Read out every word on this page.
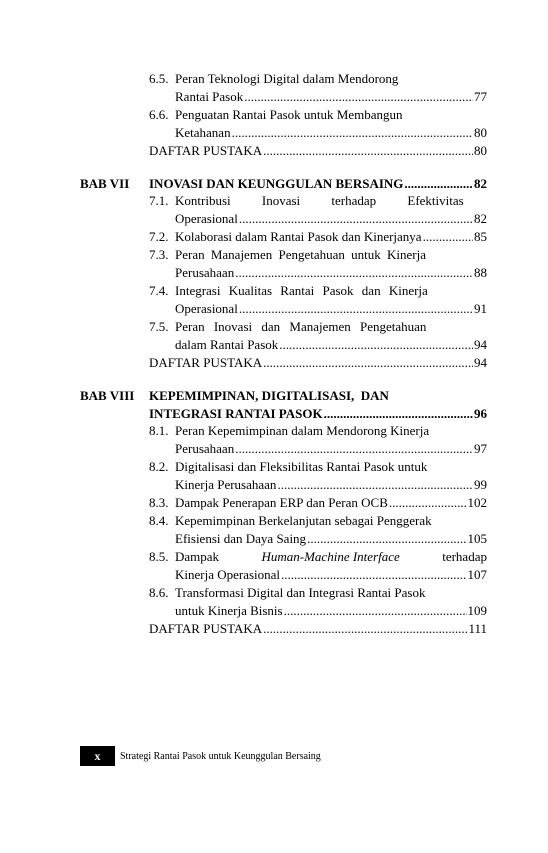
6.5. Peran Teknologi Digital dalam Mendorong
Rantai Pasok .....	77
6.6. Penguatan Rantai Pasok untuk Membangun
Ketahanan .....	80
DAFTAR PUSTAKA .....	80
BAB VII INOVASI DAN KEUNGGULAN BERSAING .....	82
7.1. Kontribusi Inovasi terhadap Efektivitas
Operasional .....	82
7.2. Kolaborasi dalam Rantai Pasok dan Kinerjanya .....	85
7.3. Peran Manajemen Pengetahuan untuk Kinerja
Perusahaan .....	88
7.4. Integrasi Kualitas Rantai Pasok dan Kinerja
Operasional .....	91
7.5. Peran Inovasi dan Manajemen Pengetahuan
dalam Rantai Pasok .....	94
DAFTAR PUSTAKA .....	94
BAB VIII KEPEMIMPINAN, DIGITALISASI,  DAN
INTEGRASI RANTAI PASOK .....	96
8.1. Peran Kepemimpinan dalam Mendorong Kinerja
Perusahaan .....	97
8.2. Digitalisasi dan Fleksibilitas Rantai Pasok untuk
Kinerja Perusahaan .....	99
8.3. Dampak Penerapan ERP dan Peran OCB .....	102
8.4. Kepemimpinan Berkelanjutan sebagai Penggerak
Efisiensi dan Daya Saing .....	105
8.5. Dampak	Human-Machine Interface	terhadap
Kinerja Operasional .....	107
8.6. Transformasi Digital dan Integrasi Rantai Pasok
untuk Kinerja Bisnis .....	109
DAFTAR PUSTAKA .....	111
x	Strategi Rantai Pasok untuk Keunggulan Bersaing
